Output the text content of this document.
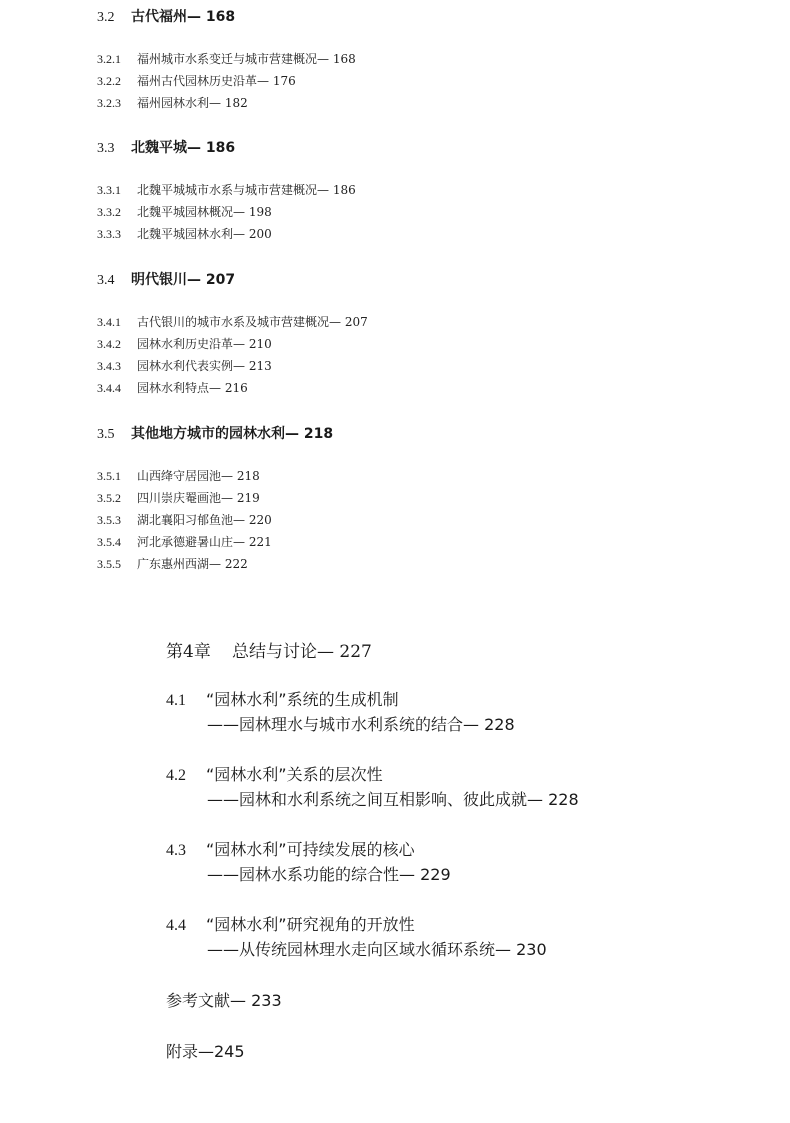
3.2 古代福州— 168
3.2.1 福州城市水系变迁与城市营建概况— 168
3.2.2 福州古代园林历史沿革— 176
3.2.3 福州园林水利— 182
3.3 北魏平城— 186
3.3.1 北魏平城城市水系与城市营建概况— 186
3.3.2 北魏平城园林概况— 198
3.3.3 北魏平城园林水利— 200
3.4 明代银川— 207
3.4.1 古代银川的城市水系及城市营建概况— 207
3.4.2 园林水利历史沿革— 210
3.4.3 园林水利代表实例— 213
3.4.4 园林水利特点— 216
3.5 其他地方城市的园林水利— 218
3.5.1 山西绛守居园池— 218
3.5.2 四川崇庆罨画池— 219
3.5.3 湖北襄阳习郁鱼池— 220
3.5.4 河北承德避暑山庄— 221
3.5.5 广东惠州西湖— 222
第4章 总结与讨论— 227
4.1 “园林水利”系统的生成机制
——园林理水与城市水利系统的结合— 228
4.2 “园林水利”关系的层次性
——园林和水利系统之间互相影响、彼此成就— 228
4.3 “园林水利”可持续发展的核心
——园林水系功能的综合性— 229
4.4 “园林水利”研究视角的开放性
——从传统园林理水走向区域水循环系统— 230
参考文献— 233
附录—245
